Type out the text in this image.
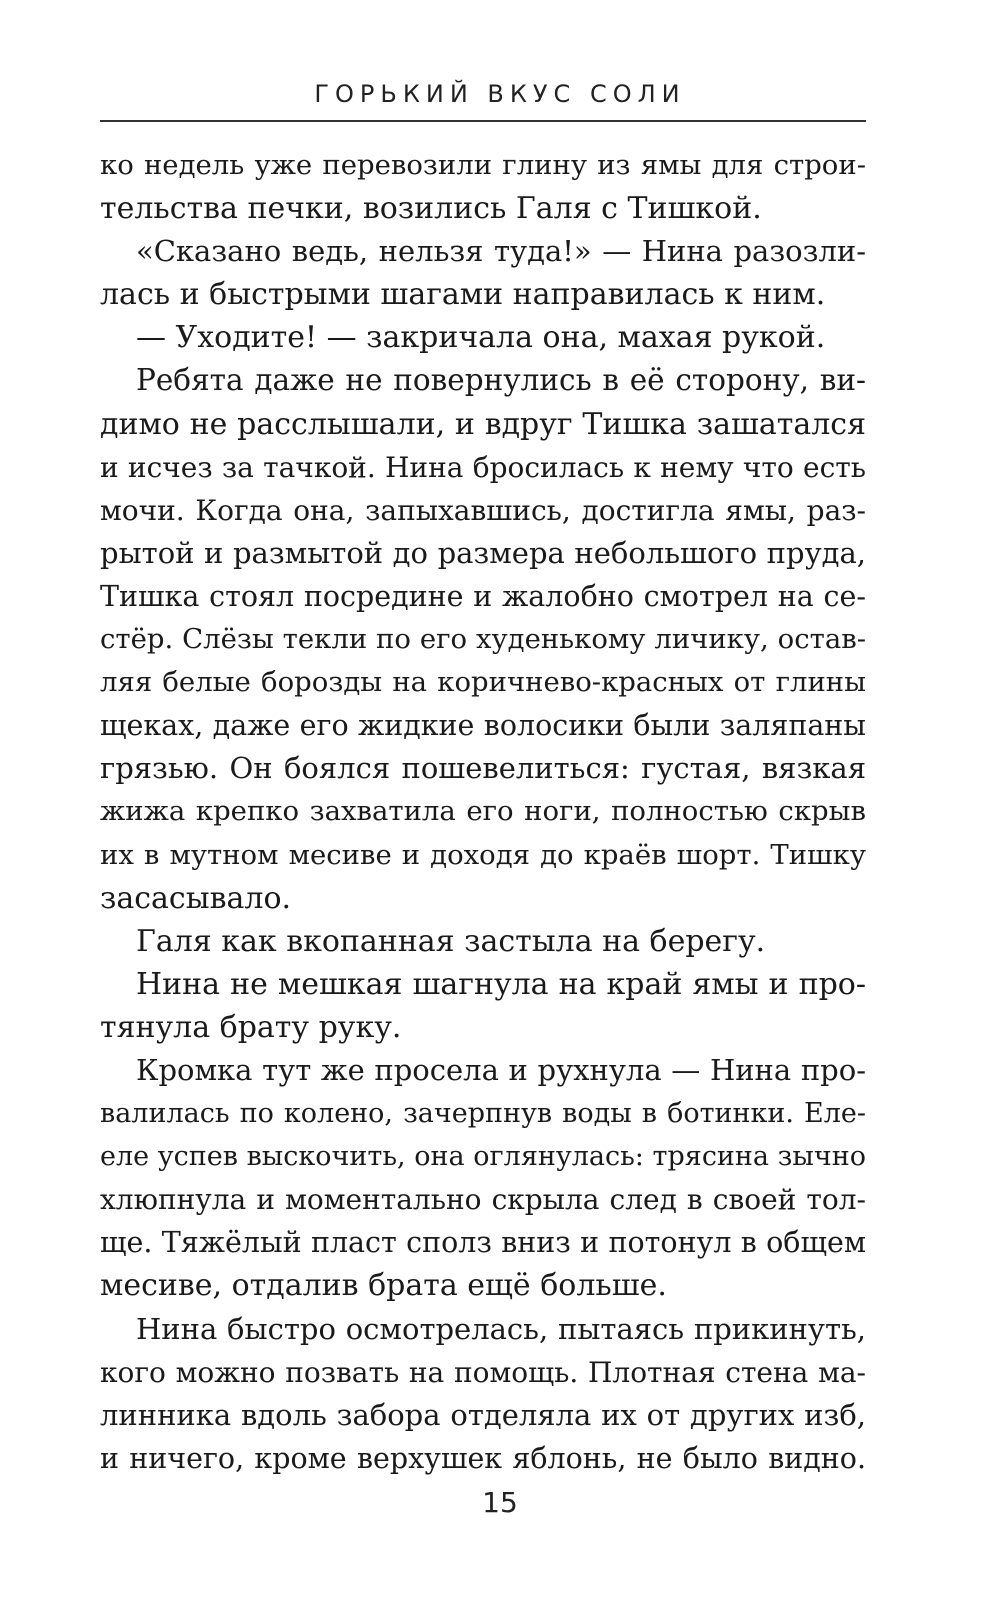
ГОРЬКИЙ ВКУС СОЛИ
ко недель уже перевозили глину из ямы для строи-
тельства печки, возились Галя с Тишкой.
«Сказано ведь, нельзя туда!» — Нина разозли-
лась и быстрыми шагами направилась к ним.
— Уходите! — закричала она, махая рукой.
Ребята даже не повернулись в её сторону, ви-
димо не расслышали, и вдруг Тишка зашатался
и исчез за тачкой. Нина бросилась к нему что есть
мочи. Когда она, запыхавшись, достигла ямы, раз-
рытой и размытой до размера небольшого пруда,
Тишка стоял посредине и жалобно смотрел на се-
стёр. Слёзы текли по его худенькому личику, остав-
ляя белые борозды на коричнево-красных от глины
щеках, даже его жидкие волосики были заляпаны
грязью. Он боялся пошевелиться: густая, вязкая
жижа крепко захватила его ноги, полностью скрыв
их в мутном месиве и доходя до краёв шорт. Тишку
засасывало.
Галя как вкопанная застыла на берегу.
Нина не мешкая шагнула на край ямы и про-
тянула брату руку.
Кромка тут же просела и рухнула — Нина про-
валилась по колено, зачерпнув воды в ботинки. Еле-
еле успев выскочить, она оглянулась: трясина зычно
хлюпнула и моментально скрыла след в своей тол-
ще. Тяжёлый пласт сполз вниз и потонул в общем
месиве, отдалив брата ещё больше.
Нина быстро осмотрелась, пытаясь прикинуть,
кого можно позвать на помощь. Плотная стена ма-
линника вдоль забора отделяла их от других изб,
и ничего, кроме верхушек яблонь, не было видно.
15
